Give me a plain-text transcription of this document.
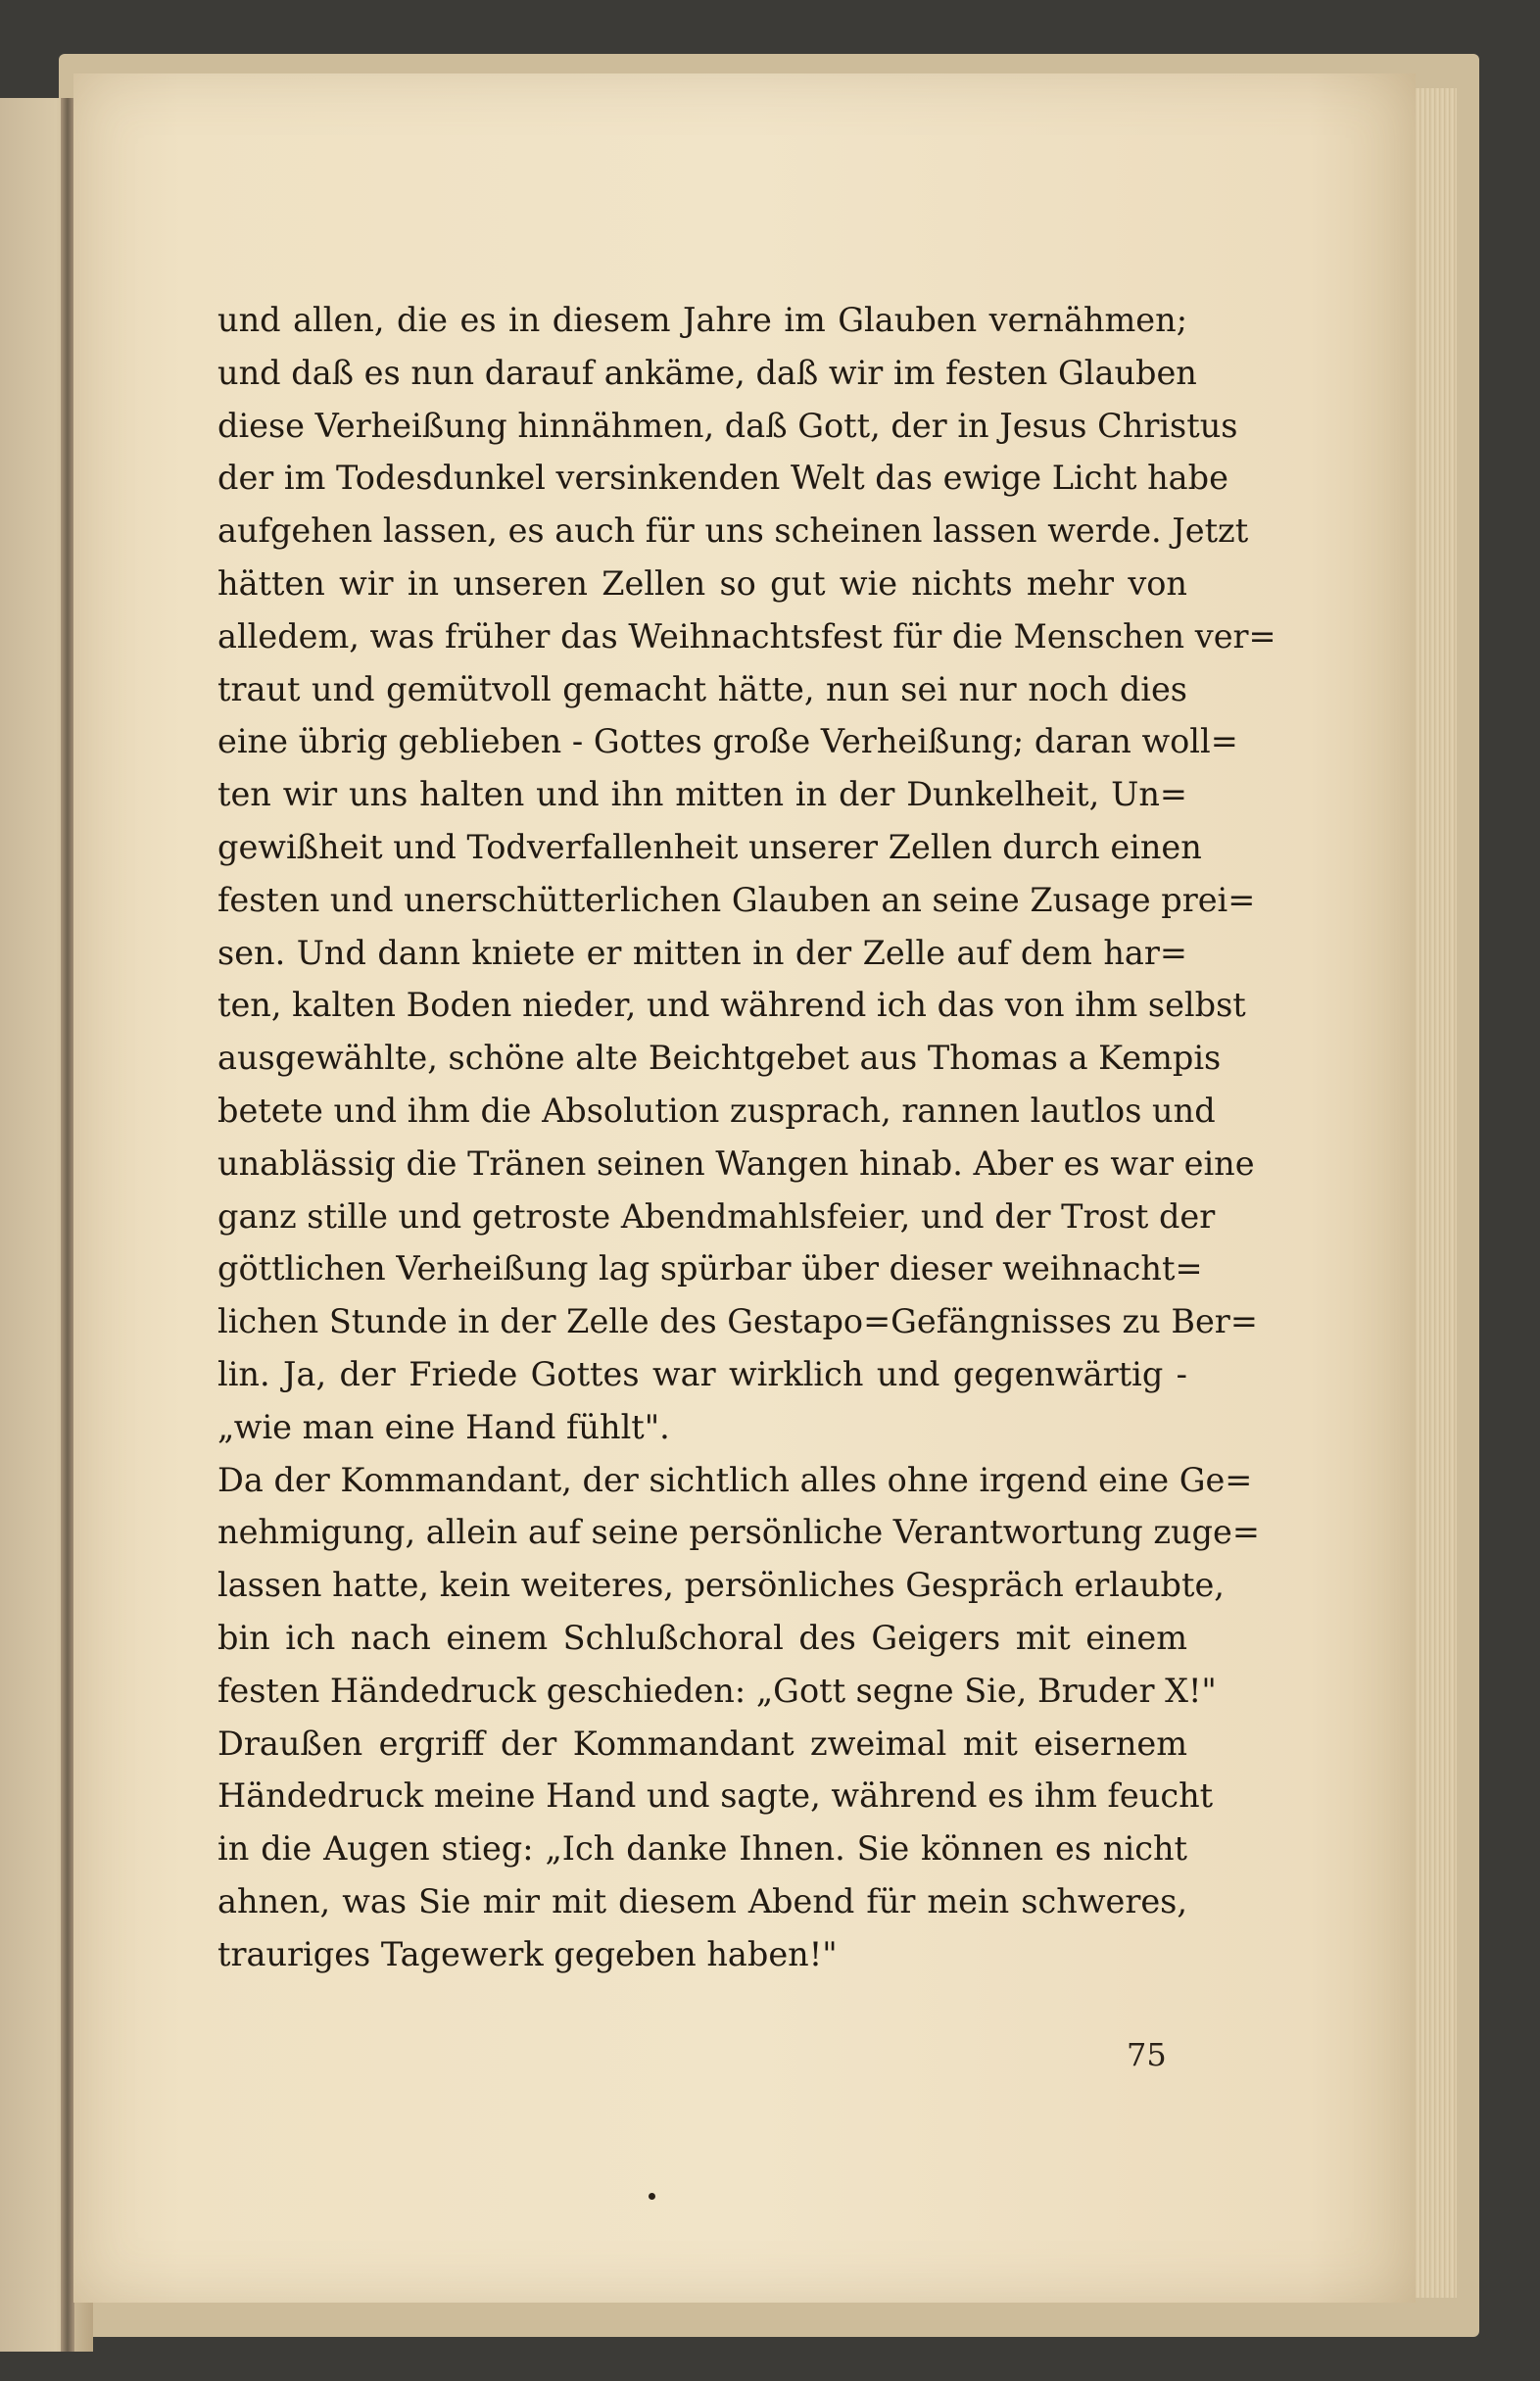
und allen, die es in diesem Jahre im Glauben vernähmen;
und daß es nun darauf ankäme, daß wir im festen Glauben
diese Verheißung hinnähmen, daß Gott, der in Jesus Christus
der im Todesdunkel versinkenden Welt das ewige Licht habe
aufgehen lassen, es auch für uns scheinen lassen werde. Jetzt
hätten wir in unseren Zellen so gut wie nichts mehr von
alledem, was früher das Weihnachtsfest für die Menschen ver=
traut und gemütvoll gemacht hätte, nun sei nur noch dies
eine übrig geblieben - Gottes große Verheißung; daran woll=
ten wir uns halten und ihn mitten in der Dunkelheit, Un=
gewißheit und Todverfallenheit unserer Zellen durch einen
festen und unerschütterlichen Glauben an seine Zusage prei=
sen. Und dann kniete er mitten in der Zelle auf dem har=
ten, kalten Boden nieder, und während ich das von ihm selbst
ausgewählte, schöne alte Beichtgebet aus Thomas a Kempis
betete und ihm die Absolution zusprach, rannen lautlos und
unablässig die Tränen seinen Wangen hinab. Aber es war eine
ganz stille und getroste Abendmahlsfeier, und der Trost der
göttlichen Verheißung lag spürbar über dieser weihnacht=
lichen Stunde in der Zelle des Gestapo=Gefängnisses zu Ber=
lin. Ja, der Friede Gottes war wirklich und gegenwärtig -
„wie man eine Hand fühlt".
Da der Kommandant, der sichtlich alles ohne irgend eine Ge=
nehmigung, allein auf seine persönliche Verantwortung zuge=
lassen hatte, kein weiteres, persönliches Gespräch erlaubte,
bin ich nach einem Schlußchoral des Geigers mit einem
festen Händedruck geschieden: „Gott segne Sie, Bruder X!"
Draußen ergriff der Kommandant zweimal mit eisernem
Händedruck meine Hand und sagte, während es ihm feucht
in die Augen stieg: „Ich danke Ihnen. Sie können es nicht
ahnen, was Sie mir mit diesem Abend für mein schweres,
trauriges Tagewerk gegeben haben!"
75
